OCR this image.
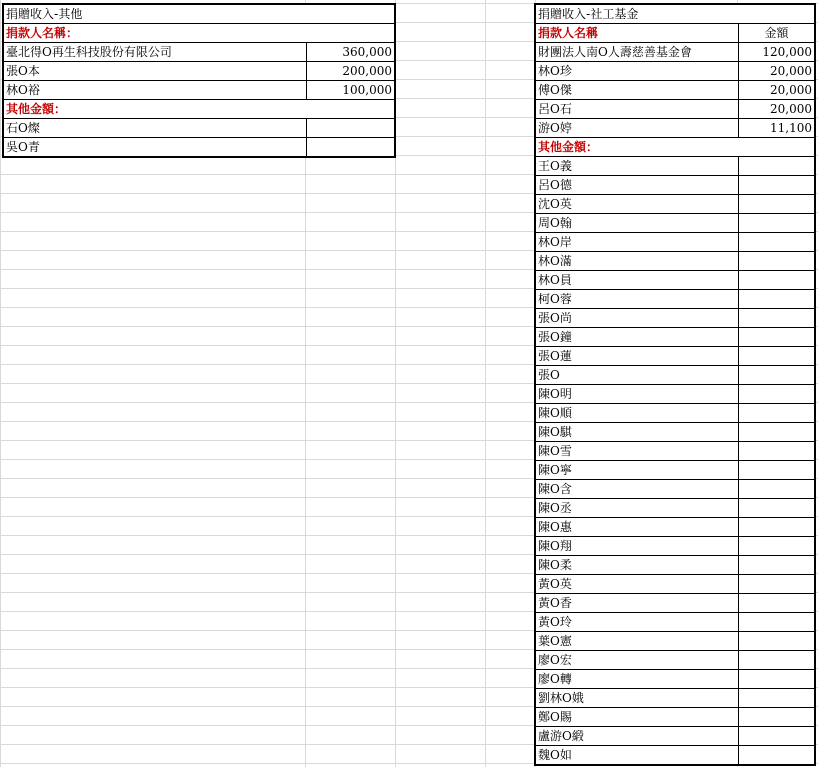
捐贈收入-其他	
捐款人名稱：	
臺北得O再生科技股份有限公司	360,000
張O本	200,000
林O裕	100,000
其他金額：	
石O燦	
吳O青	
捐贈收入-社工基金	
捐款人名稱	金額
財團法人南O人壽慈善基金會	120,000
林O珍	20,000
傅O傑	20,000
呂O石	20,000
游O婷	11,100
其他金額：	
王O義	
呂O德	
沈O英	
周O翰	
林O岸	
林O滿	
林O員	
柯O蓉	
張O尚	
張O鐘	
張O蓮	
張O	
陳O明	
陳O順	
陳O騏	
陳O雪	
陳O寧	
陳O含	
陳O丞	
陳O惠	
陳O翔	
陳O柔	
黃O英	
黃O香	
黃O玲	
葉O憲	
廖O宏	
廖O轉	
劉林O娥	
鄭O賜	
盧游O緞	
魏O如	
